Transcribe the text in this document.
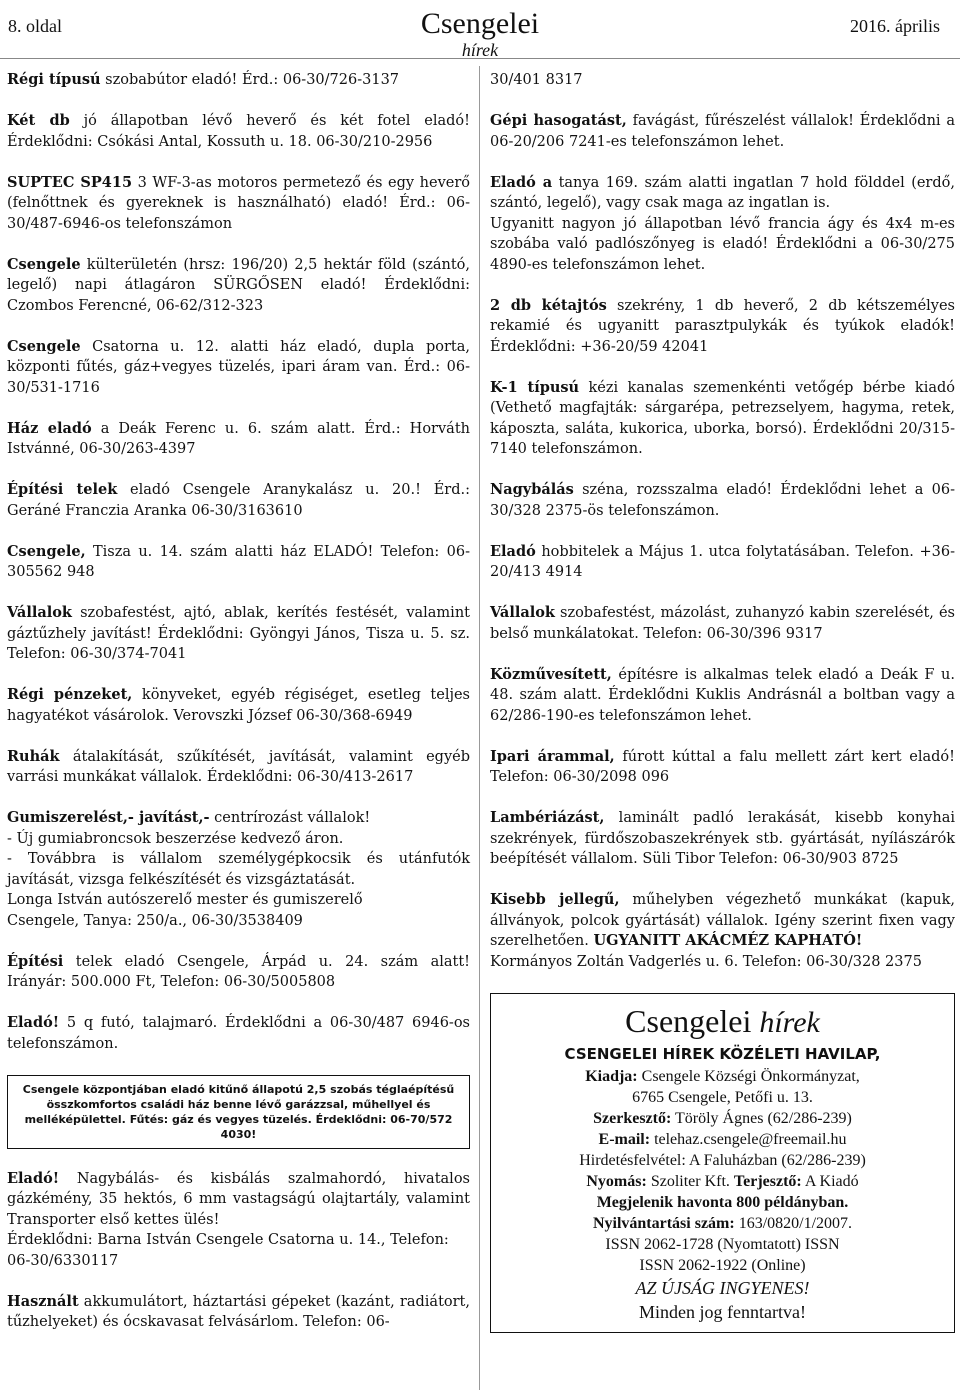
8. oldal	Csengelei
hírek
2016. április

Régi típusú szobabútor eladó! Érd.: 06-30/726-3137

Két db jó állapotban lévő heverő és két fotel eladó! Érdeklődni: Csókási Antal, Kossuth u. 18. 06-30/210-2956

SUPTEC SP415 3 WF-3-as motoros permetező és egy heverő (felnőttnek és gyereknek is használható) eladó! Érd.: 06-30/487-6946-os telefonszámon

Csengele külterületén (hrsz: 196/20) 2,5 hektár föld (szántó, legelő) napi átlagáron SÜRGŐSEN eladó! Érdeklődni: Czombos Ferencné, 06-62/312-323

Csengele Csatorna u. 12. alatti ház eladó, dupla porta, központi fűtés, gáz+vegyes tüzelés, ipari áram van. Érd.: 06-30/531-1716

Ház eladó a Deák Ferenc u. 6. szám alatt. Érd.: Horváth Istvánné, 06-30/263-4397

Építési telek eladó Csengele Aranykalász u. 20.! Érd.: Geráné Franczia Aranka 06-30/3163610

Csengele, Tisza u. 14. szám alatti ház ELADÓ! Telefon: 06-305562 948

Vállalok szobafestést, ajtó, ablak, kerítés festését, valamint gáztűzhely javítást! Érdeklődni: Gyöngyi János, Tisza u. 5. sz. Telefon: 06-30/374-7041

Régi pénzeket, könyveket, egyéb régiséget, esetleg teljes hagyatékot vásárolok. Verovszki József 06-30/368-6949

Ruhák átalakítását, szűkítését, javítását, valamint egyéb varrási munkákat vállalok. Érdeklődni: 06-30/413-2617

Gumiszerelést,- javítást,- centrírozást vállalok!
- Új gumiabroncsok beszerzése kedvező áron.
- Továbbra is vállalom személygépkocsik és utánfutók javítását, vizsga felkészítését és vizsgáztatását.
Longa István autószerelő mester és gumiszerelő
Csengele, Tanya: 250/a., 06-30/3538409

Építési telek eladó Csengele, Árpád u. 24. szám alatt! Irányár: 500.000 Ft, Telefon: 06-30/5005808

Eladó! 5 q futó, talajmaró. Érdeklődni a 06-30/487 6946-os telefonszámon.

Csengele központjában eladó kitűnő állapotú 2,5 szobás téglaépítésű összkomfortos családi ház benne lévő garázzsal, műhellyel és melléképülettel. Fűtés: gáz és vegyes tüzelés. Érdeklődni: 06-70/572 4030!

Eladó! Nagybálás- és kisbálás szalmahordó, hivatalos gázkémény, 35 hektós, 6 mm vastagságú olajtartály, valamint Transporter első kettes ülés!
Érdeklődni: Barna István Csengele Csatorna u. 14., Telefon: 06-30/6330117

Használt akkumulátort, háztartási gépeket (kazánt, radiátort, tűzhelyeket) és ócskavasat felvásárlom. Telefon: 06-

30/401 8317

Gépi hasogatást, favágást, fűrészelést vállalok! Érdeklődni a 06-20/206 7241-es telefonszámon lehet.

Eladó a tanya 169. szám alatti ingatlan 7 hold földdel (erdő, szántó, legelő), vagy csak maga az ingatlan is.
Ugyanitt nagyon jó állapotban lévő francia ágy és 4x4 m-es szobába való padlószőnyeg is eladó! Érdeklődni a 06-30/275 4890-es telefonszámon lehet.

2 db kétajtós szekrény, 1 db heverő, 2 db kétszemélyes rekamié és ugyanitt parasztpulykák és tyúkok eladók! Érdeklődni: +36-20/59 42041

K-1 típusú kézi kanalas szemenkénti vetőgép bérbe kiadó (Vethető magfajták: sárgarépa, petrezselyem, hagyma, retek, káposzta, saláta, kukorica, uborka, borsó). Érdeklődni 20/315-7140 telefonszámon.

Nagybálás széna, rozsszalma eladó! Érdeklődni lehet a 06-30/328 2375-ös telefonszámon.

Eladó hobbitelek a Május 1. utca folytatásában. Telefon. +36-20/413 4914

Vállalok szobafestést, mázolást, zuhanyzó kabin szerelését, és belső munkálatokat. Telefon: 06-30/396 9317

Közművesített, építésre is alkalmas telek eladó a Deák F u. 48. szám alatt. Érdeklődni Kuklis Andrásnál a boltban vagy a 62/286-190-es telefonszámon lehet.

Ipari árammal, fúrott kúttal a falu mellett zárt kert eladó! Telefon: 06-30/2098 096

Lambériázást, laminált padló lerakását, kisebb konyhai szekrények, fürdőszobaszekrények stb. gyártását, nyílászárók beépítését vállalom. Süli Tibor Telefon: 06-30/903 8725

Kisebb jellegű, műhelyben végezhető munkákat (kapuk, állványok, polcok gyártását) vállalok. Igény szerint fixen vagy szerelhetően. UGYANITT AKÁCMÉZ KAPHATÓ!
Kormányos Zoltán Vadgerlés u. 6. Telefon: 06-30/328 2375

Csengelei hírek
CSENGELEI HÍREK KÖZÉLETI HAVILAP,
Kiadja: Csengele Községi Önkormányzat,
6765 Csengele, Petőfi u. 13.
Szerkesztő: Töröly Ágnes (62/286-239)
E-mail: telehaz.csengele@freemail.hu
Hirdetésfelvétel: A Faluházban (62/286-239)
Nyomás: Szoliter Kft. Terjesztő: A Kiadó
Megjelenik havonta 800 példányban.
Nyilvántartási szám: 163/0820/1/2007.
ISSN 2062-1728 (Nyomtatott) ISSN
ISSN 2062-1922 (Online)
AZ ÚJSÁG INGYENES!
Minden jog fenntartva!
